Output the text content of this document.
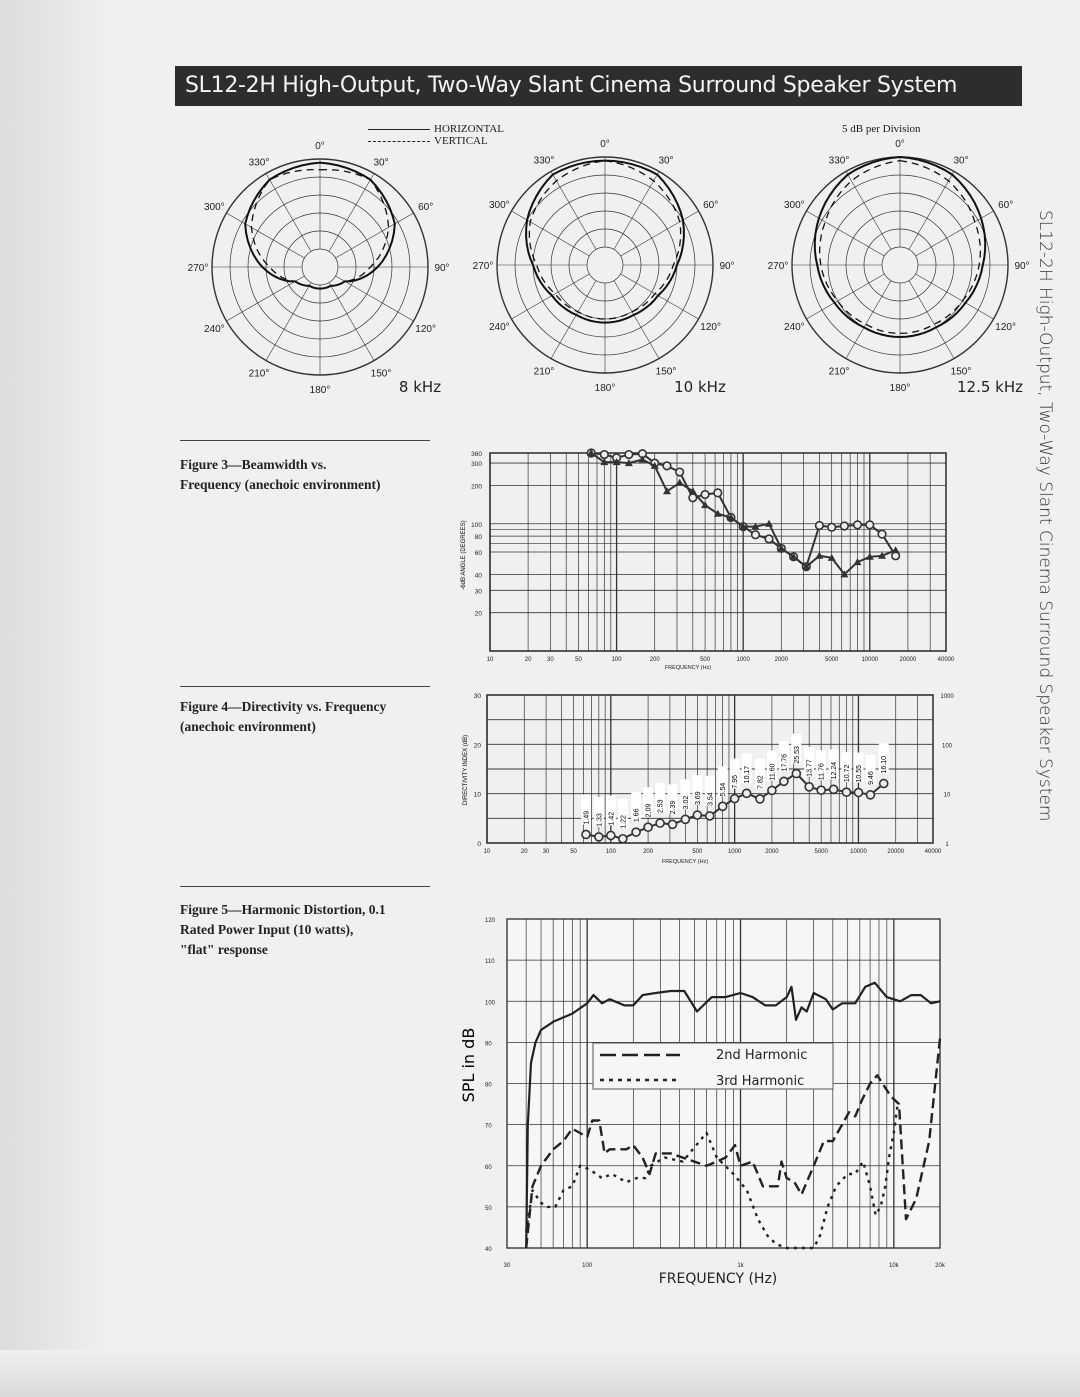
SL12-2H High-Output, Two-Way Slant Cinema Surround Speaker System
SL12-2H High-Output, Two-Way Slant Cinema Surround Speaker System
HORIZONTAL
VERTICAL
5 dB per Division
Figure 3—Beamwidth vs.
Frequency (anechoic environment)
Figure 4—Directivity vs. Frequency
(anechoic environment)
Figure 5—Harmonic Distortion, 0.1
Rated Power Input (10 watts),
"flat" response
0°
30°
60°
90°
120°
150°
180°
210°
240°
270°
300°
330°
8 kHz
0°
30°
60°
90°
120°
150°
180°
210°
240°
270°
300°
330°
10 kHz
0°
30°
60°
90°
120°
150°
180°
210°
240°
270°
300°
330°
12.5 kHz
20
30
40
60
80
100
200
300
360
10	20	30	50	100	200	500	1000	2000	5000	10000	20000	40000
FREQUENCY (Hz)
-6dB ANGLE (DEGREES)
0
10
20
30
1
10
100
1000
10	20	30	50	100	200	500	1000	2000	5000	10000	20000	40000
FREQUENCY (Hz)
DIRECTIVITY INDEX (dB)
1.49 1.33 1.42 1.22 1.66 2.09 2.53 2.39 3.02 3.69 3.54
5.54
7.95 10.17 7.82
11.60
17.76 25.53
13.77 11.76 12.24 10.72 10.55 9.46
16.10
40
50
60
70
80
90
100
110
120
30	100	1k	10k	20k
FREQUENCY (Hz)
SPL in dB	2nd Harmonic
3rd Harmonic
